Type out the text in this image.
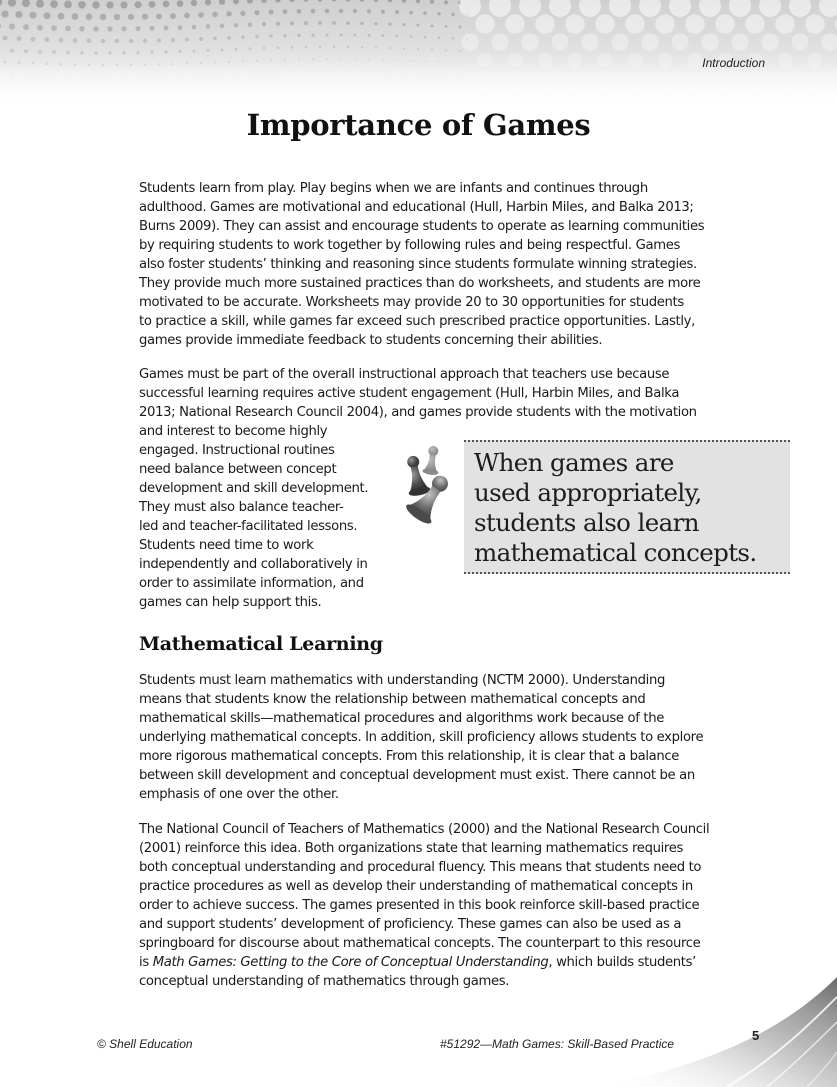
Introduction
Importance of Games

Students learn from play. Play begins when we are infants and continues through
adulthood. Games are motivational and educational (Hull, Harbin Miles, and Balka 2013;
Burns 2009). They can assist and encourage students to operate as learning communities
by requiring students to work together by following rules and being respectful. Games
also foster students’ thinking and reasoning since students formulate winning strategies.
They provide much more sustained practices than do worksheets, and students are more
motivated to be accurate. Worksheets may provide 20 to 30 opportunities for students
to practice a skill, while games far exceed such prescribed practice opportunities. Lastly,
games provide immediate feedback to students concerning their abilities.

Games must be part of the overall instructional approach that teachers use because
successful learning requires active student engagement (Hull, Harbin Miles, and Balka
2013; National Research Council 2004), and games provide students with the motivation
and interest to become highly

engaged. Instructional routines
need balance between concept
development and skill development.
They must also balance teacher-
led and teacher-facilitated lessons.
Students need time to work
independently and collaboratively in
order to assimilate information, and
games can help support this.

When games are
used appropriately,
students also learn
mathematical concepts.

Mathematical Learning

Students must learn mathematics with understanding (NCTM 2000). Understanding
means that students know the relationship between mathematical concepts and
mathematical skills—mathematical procedures and algorithms work because of the
underlying mathematical concepts. In addition, skill proficiency allows students to explore
more rigorous mathematical concepts. From this relationship, it is clear that a balance
between skill development and conceptual development must exist. There cannot be an
emphasis of one over the other.

The National Council of Teachers of Mathematics (2000) and the National Research Council
(2001) reinforce this idea. Both organizations state that learning mathematics requires
both conceptual understanding and procedural fluency. This means that students need to
practice procedures as well as develop their understanding of mathematical concepts in
order to achieve success. The games presented in this book reinforce skill-based practice
and support students’ development of proficiency. These games can also be used as a
springboard for discourse about mathematical concepts. The counterpart to this resource
is Math Games: Getting to the Core of Conceptual Understanding, which builds students’
conceptual understanding of mathematics through games.

© Shell Education	#51292—Math Games: Skill-Based Practice
5
